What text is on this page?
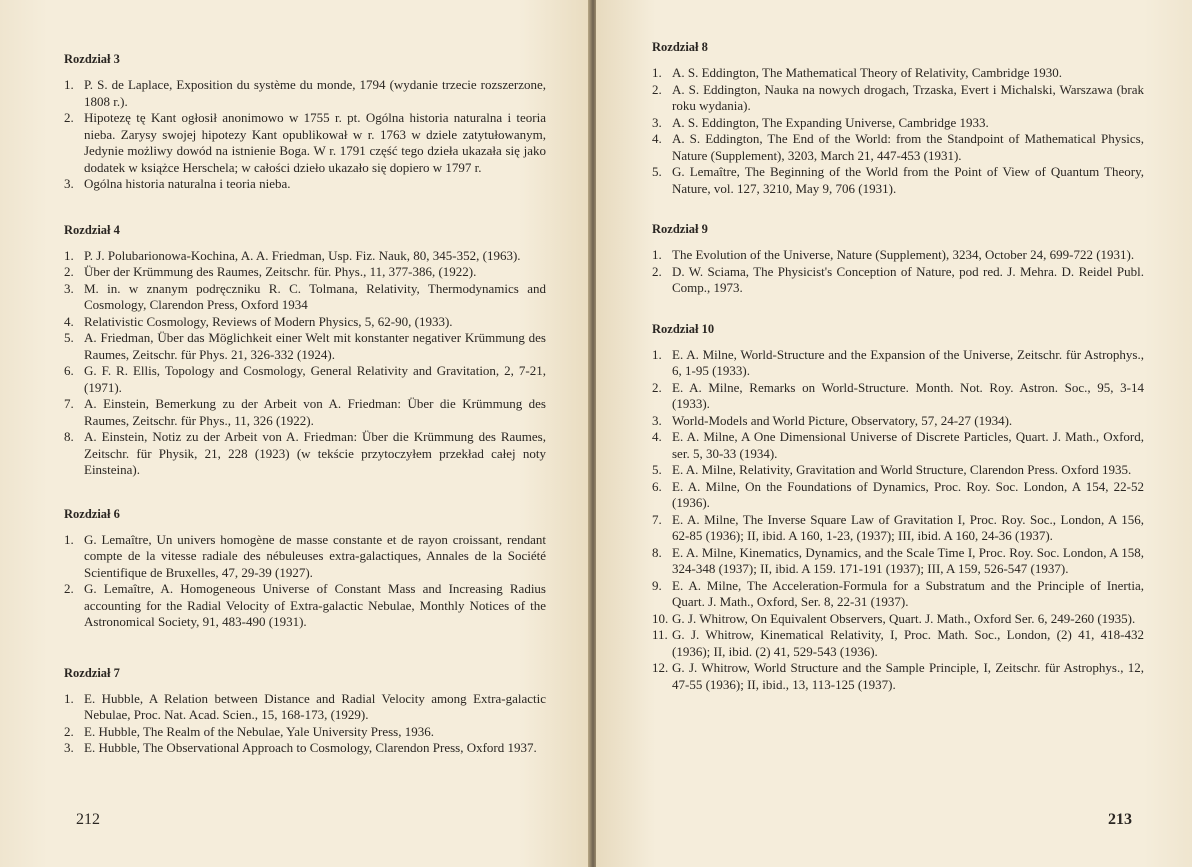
Rozdział 3
1. P. S. de Laplace, Exposition du système du monde, 1794 (wydanie trzecie rozszerzone, 1808 r.).
2. Hipotezę tę Kant ogłosił anonimowo w 1755 r. pt. Ogólna historia naturalna i teoria nieba. Zarysy swojej hipotezy Kant opublikował w r. 1763 w dziele zatytułowanym, Jedynie możliwy dowód na istnienie Boga. W r. 1791 część tego dzieła ukazała się jako dodatek w książce Herschela; w całości dzieło ukazało się dopiero w 1797 r.
3. Ogólna historia naturalna i teoria nieba.
Rozdział 4
1. P. J. Polubarionowa-Kochina, A. A. Friedman, Usp. Fiz. Nauk, 80, 345-352, (1963).
2. Über der Krümmung des Raumes, Zeitschr. für. Phys., 11, 377-386, (1922).
3. M. in. w znanym podręczniku R. C. Tolmana, Relativity, Thermodynamics and Cosmology, Clarendon Press, Oxford 1934
4. Relativistic Cosmology, Reviews of Modern Physics, 5, 62-90, (1933).
5. A. Friedman, Über das Möglichkeit einer Welt mit konstanter negativer Krümmung des Raumes, Zeitschr. für Phys. 21, 326-332 (1924).
6. G. F. R. Ellis, Topology and Cosmology, General Relativity and Gravitation, 2, 7-21, (1971).
7. A. Einstein, Bemerkung zu der Arbeit von A. Friedman: Über die Krümmung des Raumes, Zeitschr. für Phys., 11, 326 (1922).
8. A. Einstein, Notiz zu der Arbeit von A. Friedman: Über die Krümmung des Raumes, Zeitschr. für Physik, 21, 228 (1923) (w tekście przytoczyłem przekład całej noty Einsteina).
Rozdział 6
1. G. Lemaître, Un univers homogène de masse constante et de rayon croissant, rendant compte de la vitesse radiale des nébuleuses extra-galactiques, Annales de la Société Scientifique de Bruxelles, 47, 29-39 (1927).
2. G. Lemaître, A. Homogeneous Universe of Constant Mass and Increasing Radius accounting for the Radial Velocity of Extra-galactic Nebulae, Monthly Notices of the Astronomical Society, 91, 483-490 (1931).
Rozdział 7
1. E. Hubble, A Relation between Distance and Radial Velocity among Extra-galactic Nebulae, Proc. Nat. Acad. Scien., 15, 168-173, (1929).
2. E. Hubble, The Realm of the Nebulae, Yale University Press, 1936.
3. E. Hubble, The Observational Approach to Cosmology, Clarendon Press, Oxford 1937.
212
Rozdział 8
1. A. S. Eddington, The Mathematical Theory of Relativity, Cambridge 1930.
2. A. S. Eddington, Nauka na nowych drogach, Trzaska, Evert i Michalski, Warszawa (brak roku wydania).
3. A. S. Eddington, The Expanding Universe, Cambridge 1933.
4. A. S. Eddington, The End of the World: from the Standpoint of Mathematical Physics, Nature (Supplement), 3203, March 21, 447-453 (1931).
5. G. Lemaître, The Beginning of the World from the Point of View of Quantum Theory, Nature, vol. 127, 3210, May 9, 706 (1931).
Rozdział 9
1. The Evolution of the Universe, Nature (Supplement), 3234, October 24, 699-722 (1931).
2. D. W. Sciama, The Physicist's Conception of Nature, pod red. J. Mehra. D. Reidel Publ. Comp., 1973.
Rozdział 10
1. E. A. Milne, World-Structure and the Expansion of the Universe, Zeitschr. für Astrophys., 6, 1-95 (1933).
2. E. A. Milne, Remarks on World-Structure. Month. Not. Roy. Astron. Soc., 95, 3-14 (1933).
3. World-Models and World Picture, Observatory, 57, 24-27 (1934).
4. E. A. Milne, A One Dimensional Universe of Discrete Particles, Quart. J. Math., Oxford, ser. 5, 30-33 (1934).
5. E. A. Milne, Relativity, Gravitation and World Structure, Clarendon Press. Oxford 1935.
6. E. A. Milne, On the Foundations of Dynamics, Proc. Roy. Soc. London, A 154, 22-52 (1936).
7. E. A. Milne, The Inverse Square Law of Gravitation I, Proc. Roy. Soc., London, A 156, 62-85 (1936); II, ibid. A 160, 1-23, (1937); III, ibid. A 160, 24-36 (1937).
8. E. A. Milne, Kinematics, Dynamics, and the Scale Time I, Proc. Roy. Soc. London, A 158, 324-348 (1937); II, ibid. A 159. 171-191 (1937); III, A 159, 526-547 (1937).
9. E. A. Milne, The Acceleration-Formula for a Substratum and the Principle of Inertia, Quart. J. Math., Oxford, Ser. 8, 22-31 (1937).
10. G. J. Whitrow, On Equivalent Observers, Quart. J. Math., Oxford Ser. 6, 249-260 (1935).
11. G. J. Whitrow, Kinematical Relativity, I, Proc. Math. Soc., London, (2) 41, 418-432 (1936); II, ibid. (2) 41, 529-543 (1936).
12. G. J. Whitrow, World Structure and the Sample Principle, I, Zeitschr. für Astrophys., 12, 47-55 (1936); II, ibid., 13, 113-125 (1937).
213
